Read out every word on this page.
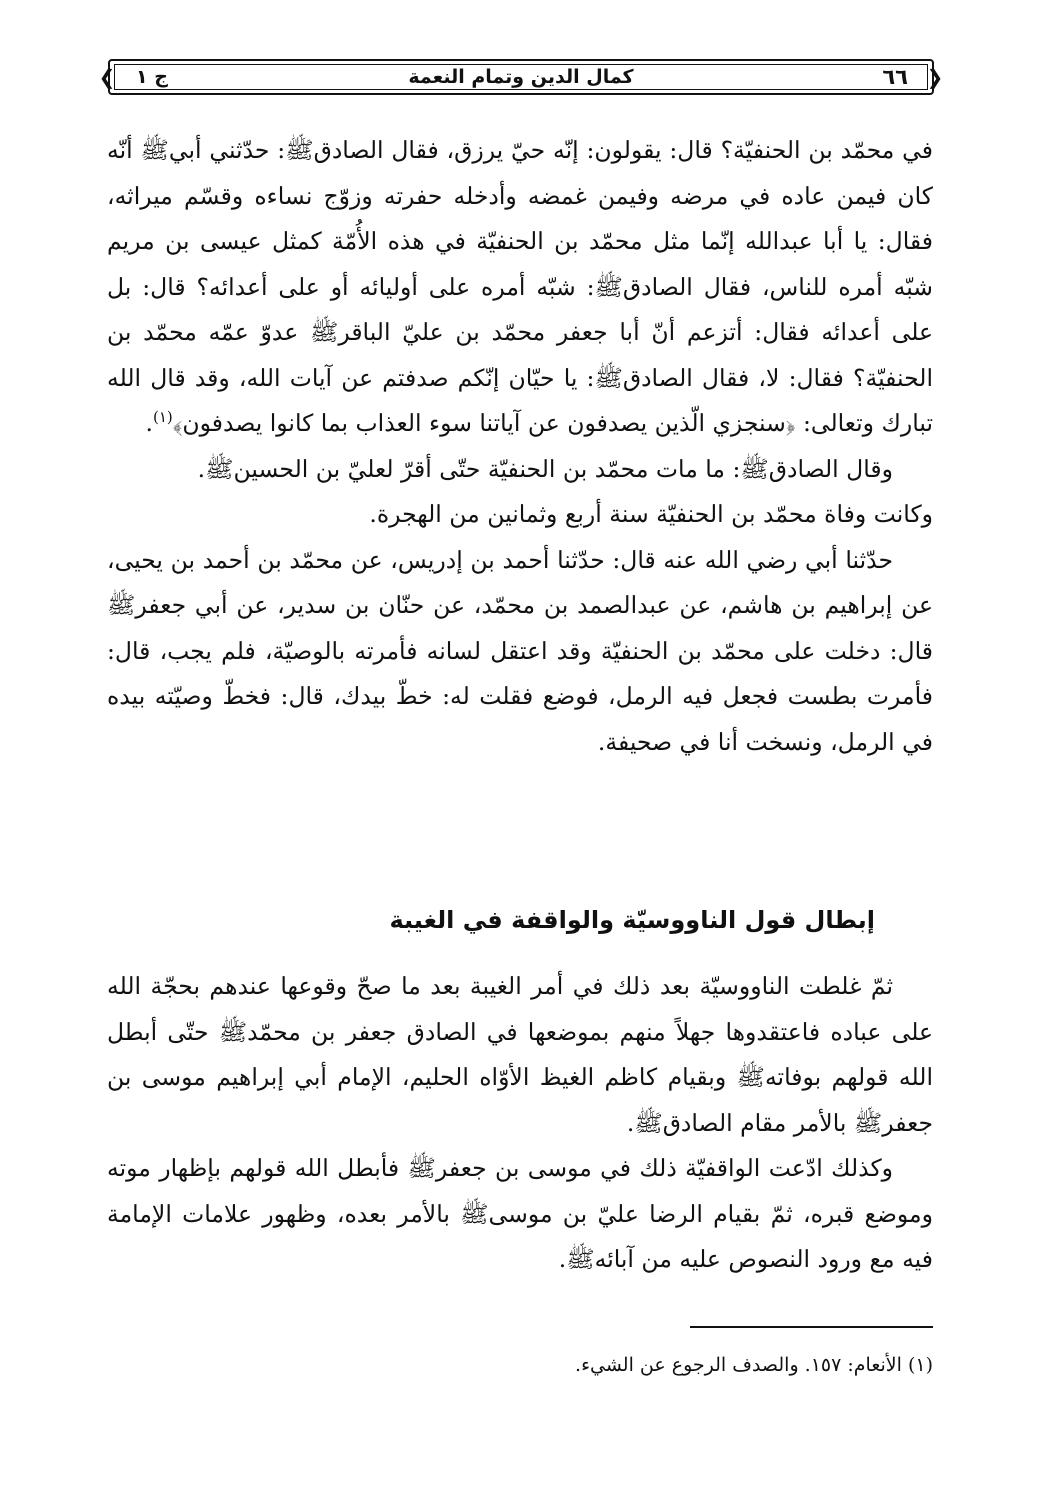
❮
❯	٦٦
كمال الدين وتمام النعمة
ج ١

في محمّد بن الحنفيّة؟ قال: يقولون: إنّه حيّ يرزق، فقال الصادقﷺ: حدّثني أبيﷺ أنّه كان فيمن عاده في مرضه وفيمن غمضه وأدخله حفرته وزوّج نساءه وقسّم ميراثه، فقال: يا أبا عبدالله إنّما مثل محمّد بن الحنفيّة في هذه الأُمّة كمثل عيسى بن مريم شبّه أمره للناس، فقال الصادقﷺ: شبّه أمره على أوليائه أو على أعدائه؟ قال: بل على أعدائه فقال: أتزعم أنّ أبا جعفر محمّد بن عليّ الباقرﷺ عدوّ عمّه محمّد بن الحنفيّة؟ فقال: لا، فقال الصادقﷺ: يا حيّان إنّكم صدفتم عن آيات الله، وقد قال الله تبارك وتعالى: ﴿سنجزي الّذين يصدفون عن آياتنا سوء العذاب بما كانوا يصدفون﴾$^{(١)}$.

وقال الصادقﷺ: ما مات محمّد بن الحنفيّة حتّى أقرّ لعليّ بن الحسينﷺ.

وكانت وفاة محمّد بن الحنفيّة سنة أربع وثمانين من الهجرة.

حدّثنا أبي رضي الله عنه قال: حدّثنا أحمد بن إدريس، عن محمّد بن أحمد بن يحيى، عن إبراهيم بن هاشم، عن عبدالصمد بن محمّد، عن حنّان بن سدير، عن أبي جعفرﷺ قال: دخلت على محمّد بن الحنفيّة وقد اعتقل لسانه فأمرته بالوصيّة، فلم يجب، قال: فأمرت بطست فجعل فيه الرمل، فوضع فقلت له: خطّ بيدك، قال: فخطّ وصيّته بيده في الرمل، ونسخت أنا في صحيفة.

إبطال قول الناووسيّة والواقفة في الغيبة

ثمّ غلطت الناووسيّة بعد ذلك في أمر الغيبة بعد ما صحّ وقوعها عندهم بحجّة الله على عباده فاعتقدوها جهلاً منهم بموضعها في الصادق جعفر بن محمّدﷺ حتّى أبطل الله قولهم بوفاتهﷺ وبقيام كاظم الغيظ الأوّاه الحليم، الإمام أبي إبراهيم موسى بن جعفرﷺ بالأمر مقام الصادقﷺ.

وكذلك ادّعت الواقفيّة ذلك في موسى بن جعفرﷺ فأبطل الله قولهم بإظهار موته وموضع قبره، ثمّ بقيام الرضا عليّ بن موسىﷺ بالأمر بعده، وظهور علامات الإمامة فيه مع ورود النصوص عليه من آبائهﷺ.

(١) الأنعام: ١٥٧. والصدف الرجوع عن الشيء.
